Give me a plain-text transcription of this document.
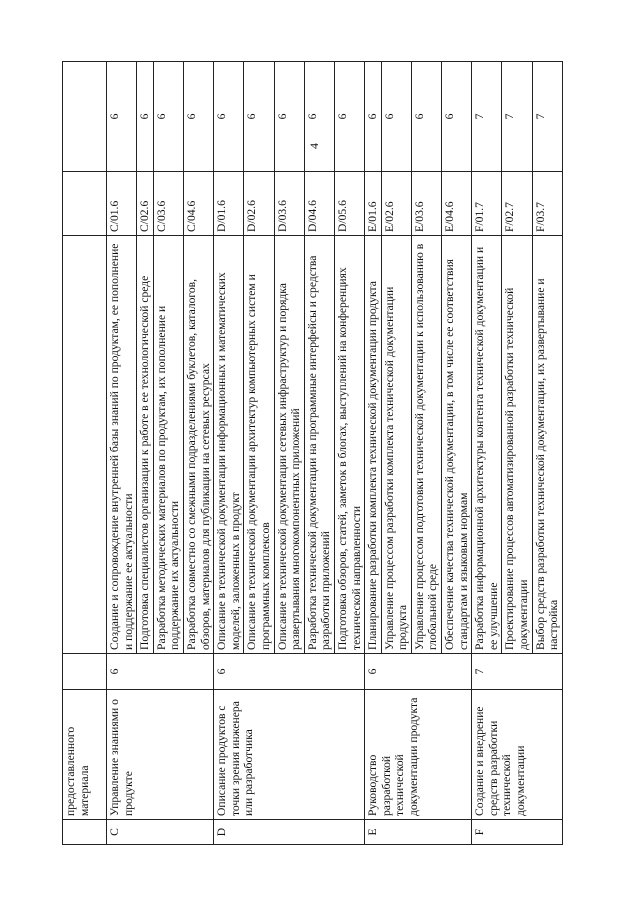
4
	предоставленного материала				
C	Управление знаниями о продукте	6	Создание и сопровождение внутренней базы знаний по продуктам, ее пополнение и поддержание ее актуальности	C/01.6	6
			Подготовка специалистов организации к работе в ее технологической среде	C/02.6	6
			Разработка методических материалов по продуктам, их пополнение и поддержание их актуальности	C/03.6	6
			Разработка совместно со смежными подразделениями буклетов, каталогов, обзоров, материалов для публикации на сетевых ресурсах	C/04.6	6
D	Описание продуктов с точки зрения инженера или разработчика	6	Описание в технической документации информационных и математических моделей, заложенных в продукт	D/01.6	6
			Описание в технической документации архитектур компьютерных систем и программных комплексов	D/02.6	6
			Описание в технической документации сетевых инфраструктур и порядка развертывания многокомпонентных приложений	D/03.6	6
			Разработка технической документации на программные интерфейсы и средства разработки приложений	D/04.6	6
			Подготовка обзоров, статей, заметок в блогах, выступлений на конференциях технической направленности	D/05.6	6
E	Руководство разработкой технической документации продукта	6	Планирование разработки комплекта технической документации продукта	E/01.6	6
			Управление процессом разработки комплекта технической документации продукта	E/02.6	6
			Управление процессом подготовки технической документации к использованию в глобальной среде	E/03.6	6
			Обеспечение качества технической документации, в том числе ее соответствия стандартам и языковым нормам	E/04.6	6
F	Создание и внедрение средств разработки технической документации	7	Разработка информационной архитектуры контента технической документации и ее улучшение	F/01.7	7
			Проектирование процессов автоматизированной разработки технической документации	F/02.7	7
			Выбор средств разработки технической документации, их развертывание и настройка	F/03.7	7
